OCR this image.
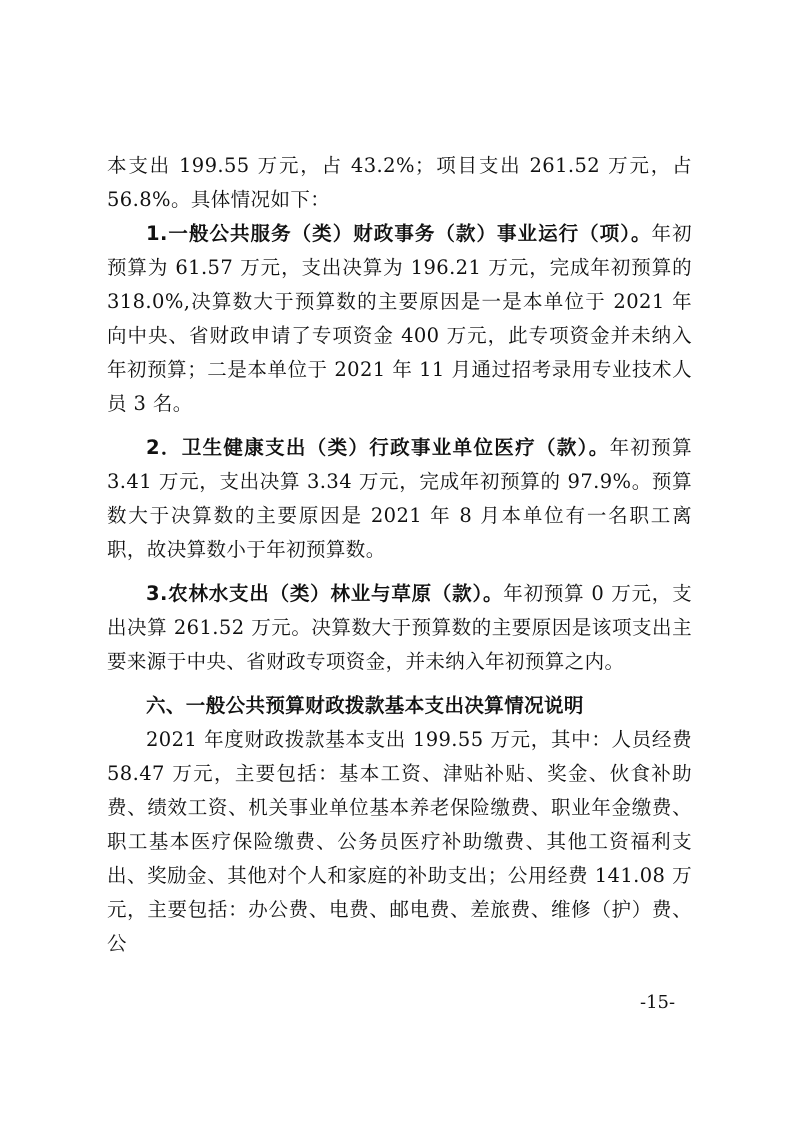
本支出 199.55 万元，占 43.2%；项目支出 261.52 万元，占 56.8%。具体情况如下：

1.一般公共服务（类）财政事务（款）事业运行（项）。年初预算为 61.57 万元，支出决算为 196.21 万元，完成年初预算的 318.0%,决算数大于预算数的主要原因是一是本单位于 2021 年向中央、省财政申请了专项资金 400 万元，此专项资金并未纳入年初预算；二是本单位于 2021 年 11 月通过招考录用专业技术人员 3 名。

2．卫生健康支出（类）行政事业单位医疗（款）。年初预算 3.41 万元，支出决算 3.34 万元，完成年初预算的 97.9%。预算数大于决算数的主要原因是 2021 年 8 月本单位有一名职工离职，故决算数小于年初预算数。

3.农林水支出（类）林业与草原（款）。年初预算 0 万元，支出决算 261.52 万元。决算数大于预算数的主要原因是该项支出主要来源于中央、省财政专项资金，并未纳入年初预算之内。

六、一般公共预算财政拨款基本支出决算情况说明

2021 年度财政拨款基本支出 199.55 万元，其中：人员经费 58.47 万元，主要包括：基本工资、津贴补贴、奖金、伙食补助费、绩效工资、机关事业单位基本养老保险缴费、职业年金缴费、职工基本医疗保险缴费、公务员医疗补助缴费、其他工资福利支出、奖励金、其他对个人和家庭的补助支出；公用经费 141.08 万元，主要包括：办公费、电费、邮电费、差旅费、维修（护）费、公

-15-
